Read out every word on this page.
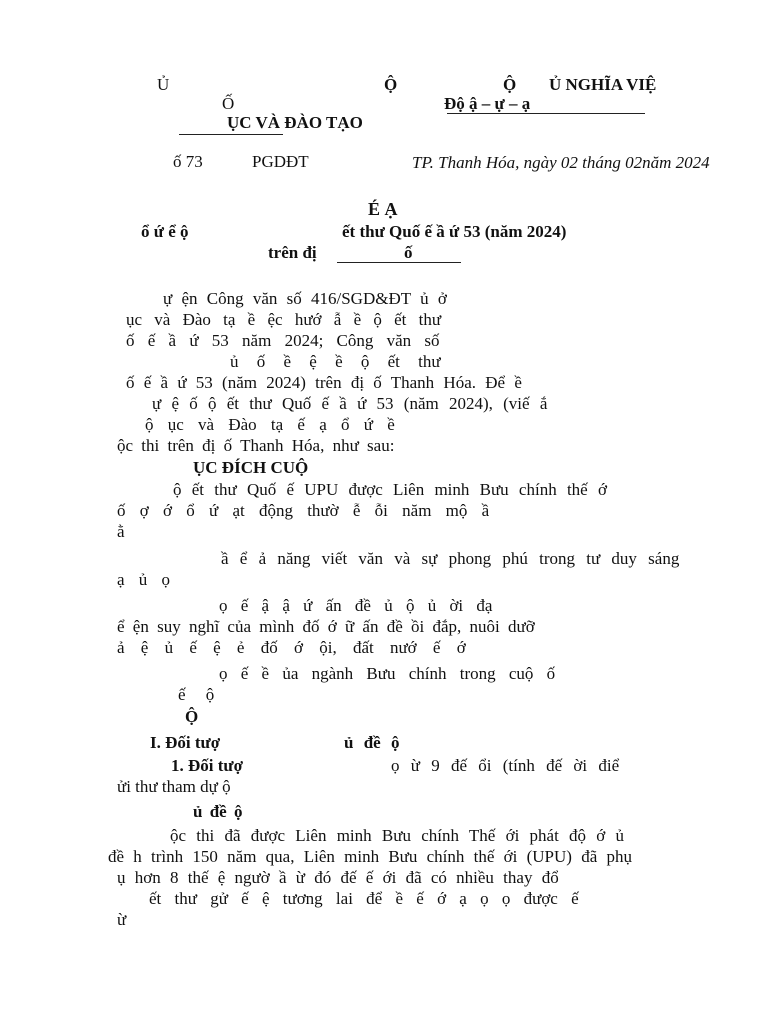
Ủ	Ộ	Ộ Ủ NGHĨA VIỆ
Ố	Độ ậ – ự – ạ
ỤC VÀ ĐÀO TẠO
ố 73	PGDĐT	TP. Thanh Hóa, ngày 02 tháng 02năm 2024
É Ạ
ổ ứ ể ộ	ết thư Quố ế ầ ứ 53 (năm 2024)
trên đị	ố
ự ện Công văn số 416/SGD&ĐT ủ ở
ục và Đào tạ ề ệc hướ ẫ ề ộ ết thư
ố ế ầ ứ 53 năm 2024; Công văn số
ủ ố ề ệ ề ộ ết thư
ố ế ầ ứ 53 (năm 2024) trên đị ố Thanh Hóa. Để ề
ự ệ ố ộ ết thư Quố ế ầ ứ 53 (năm 2024), (viế ắ
ộ ục và Đào tạ ế ạ ổ ứ ề
ộc thi trên đị ố Thanh Hóa, như sau:
ỤC ĐÍCH CUỘ
ộ ết thư Quố ế UPU được Liên minh Bưu chính thế ớ
ố ợ ớ ổ ứ ạt động thườ ễ ỗi năm mộ ầ
ằ
ầ ể ả năng viết văn và sự phong phú trong tư duy sáng
ạ ủ ọ
ọ ế ậ ậ ứ ấn đề ủ ộ ủ ời đạ
ể ện suy nghĩ của mình đố ớ ữ ấn đề ồi đắp, nuôi dưỡ
ả ệ ủ ế ệ ẻ đố ớ ội, đất nướ ế ớ
ọ ế ề ủa ngành Bưu chính trong cuộ ố
ế ộ
Ộ
I. Đối tượ	ủ đề ộ
1. Đối tượ	ọ ừ 9 đế ổi (tính đế ời điể
ửi thư tham dự ộ
ủ đề ộ
ộc thi đã được Liên minh Bưu chính Thế ới phát độ ớ ủ
đề h trình 150 năm qua, Liên minh Bưu chính thế ới (UPU) đã phụ
ụ hơn 8 thế ệ ngườ ầ ừ đó đế ế ới đã có nhiều thay đổ
ết thư gử ế ệ tương lai để ề ế ớ ạ ọ ọ được ế
ừ
